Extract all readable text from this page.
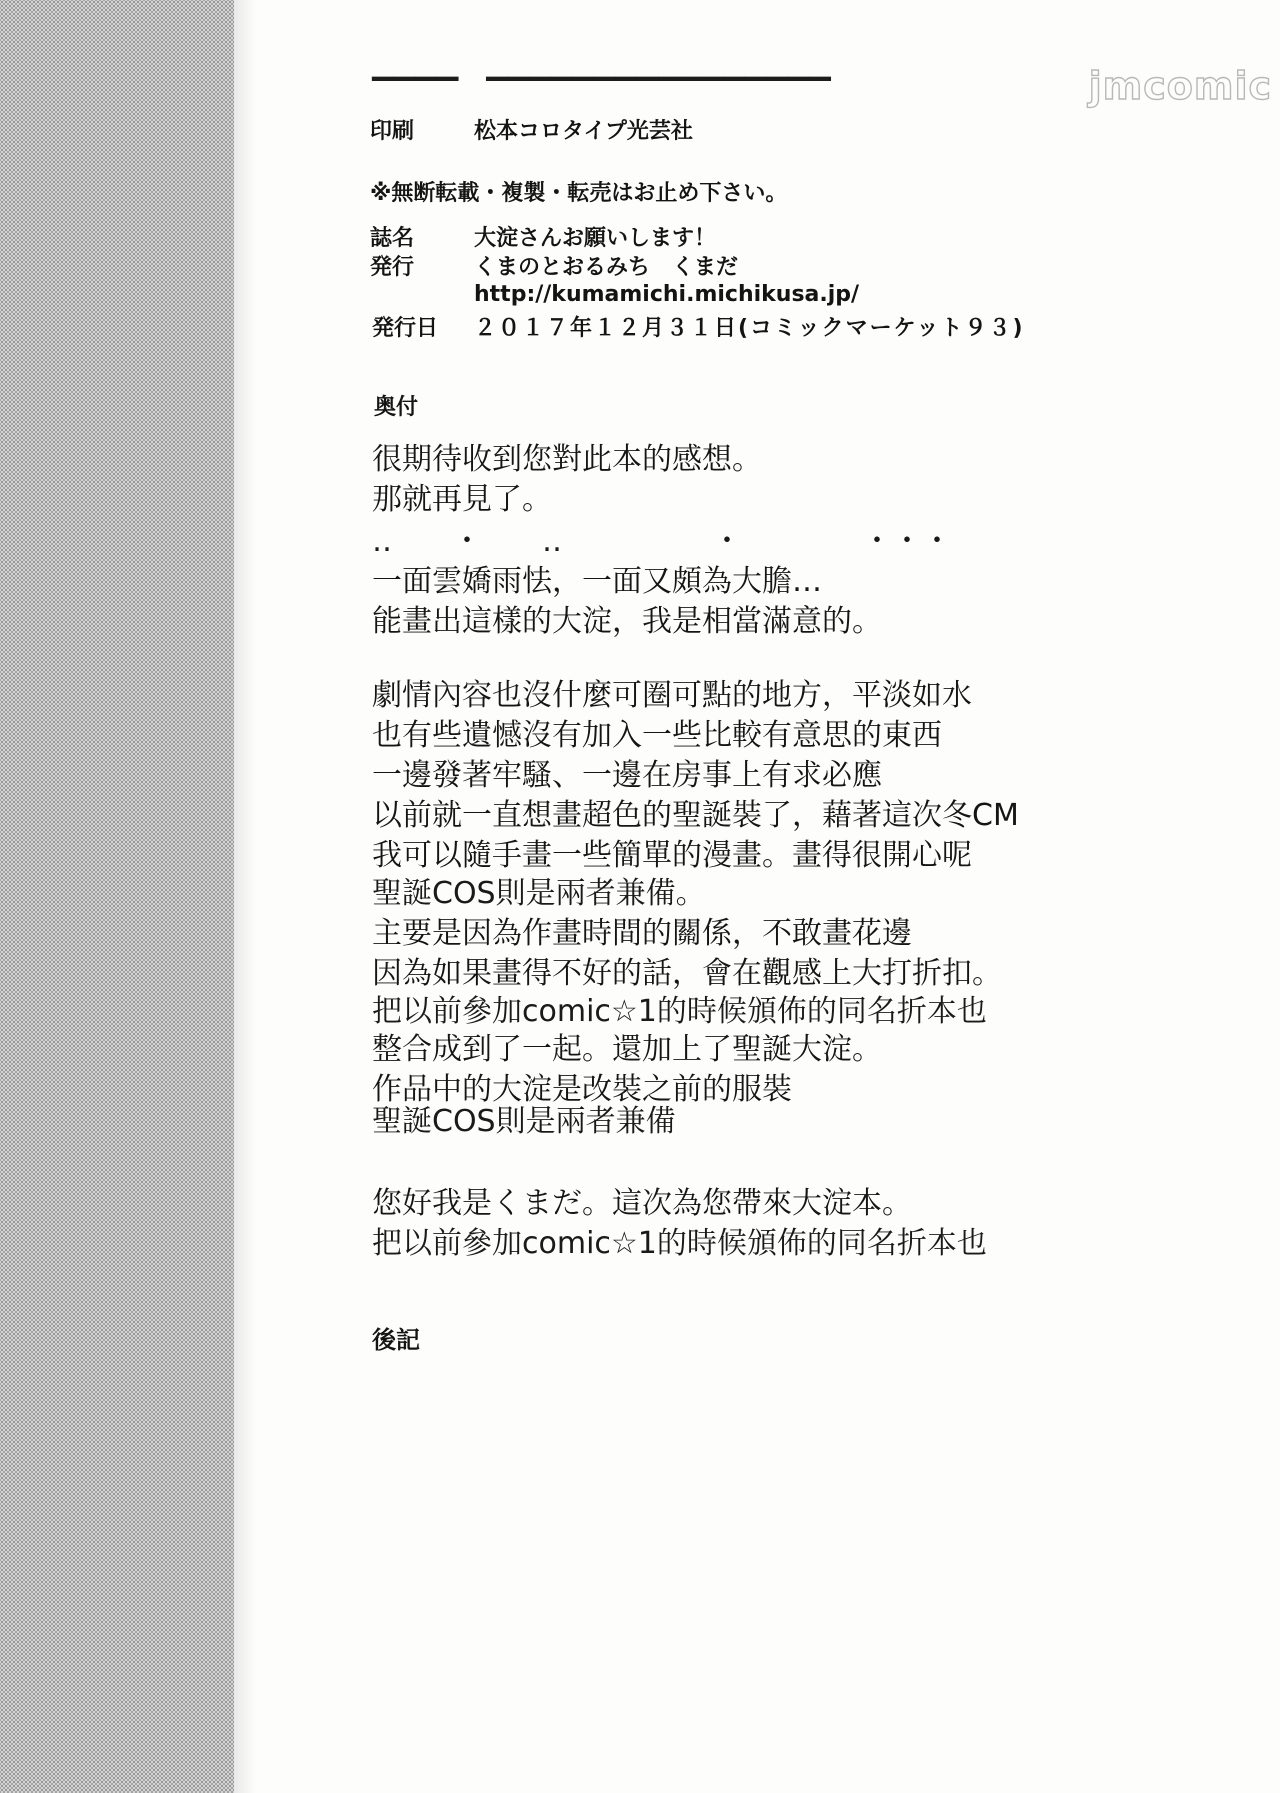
jmcomic
▔▔▔▔　▔▔▔▔▔▔▔▔▔▔▔▔▔▔▔▔
印刷	松本コロタイプ光芸社
※無断転載・複製・転売はお止め下さい。
誌名	大淀さんお願いします！
発行	くまのとおるみち　くまだ
http://kumamichi.michikusa.jp/
発行日 ２０１７年１２月３１日(コミックマーケット９３)
奥付
很期待收到您對此本的感想。
那就再見了。
‥　　・　　‥　　　　　・　　　　・・・
一面雲嬌雨怯，一面又頗為大膽…
能畫出這樣的大淀，我是相當滿意的。
劇情內容也沒什麼可圈可點的地方，平淡如水
也有些遺憾沒有加入一些比較有意思的東西
一邊發著牢騷、一邊在房事上有求必應
以前就一直想畫超色的聖誕裝了，藉著這次冬CM
我可以隨手畫一些簡單的漫畫。畫得很開心呢
聖誕COS則是兩者兼備。
主要是因為作畫時間的關係，不敢畫花邊
因為如果畫得不好的話，會在觀感上大打折扣。
把以前參加comic☆1的時候頒佈的同名折本也
整合成到了一起。還加上了聖誕大淀。
作品中的大淀是改裝之前的服裝
聖誕COS則是兩者兼備
您好我是くまだ。這次為您帶來大淀本。
把以前參加comic☆1的時候頒佈的同名折本也
後記
